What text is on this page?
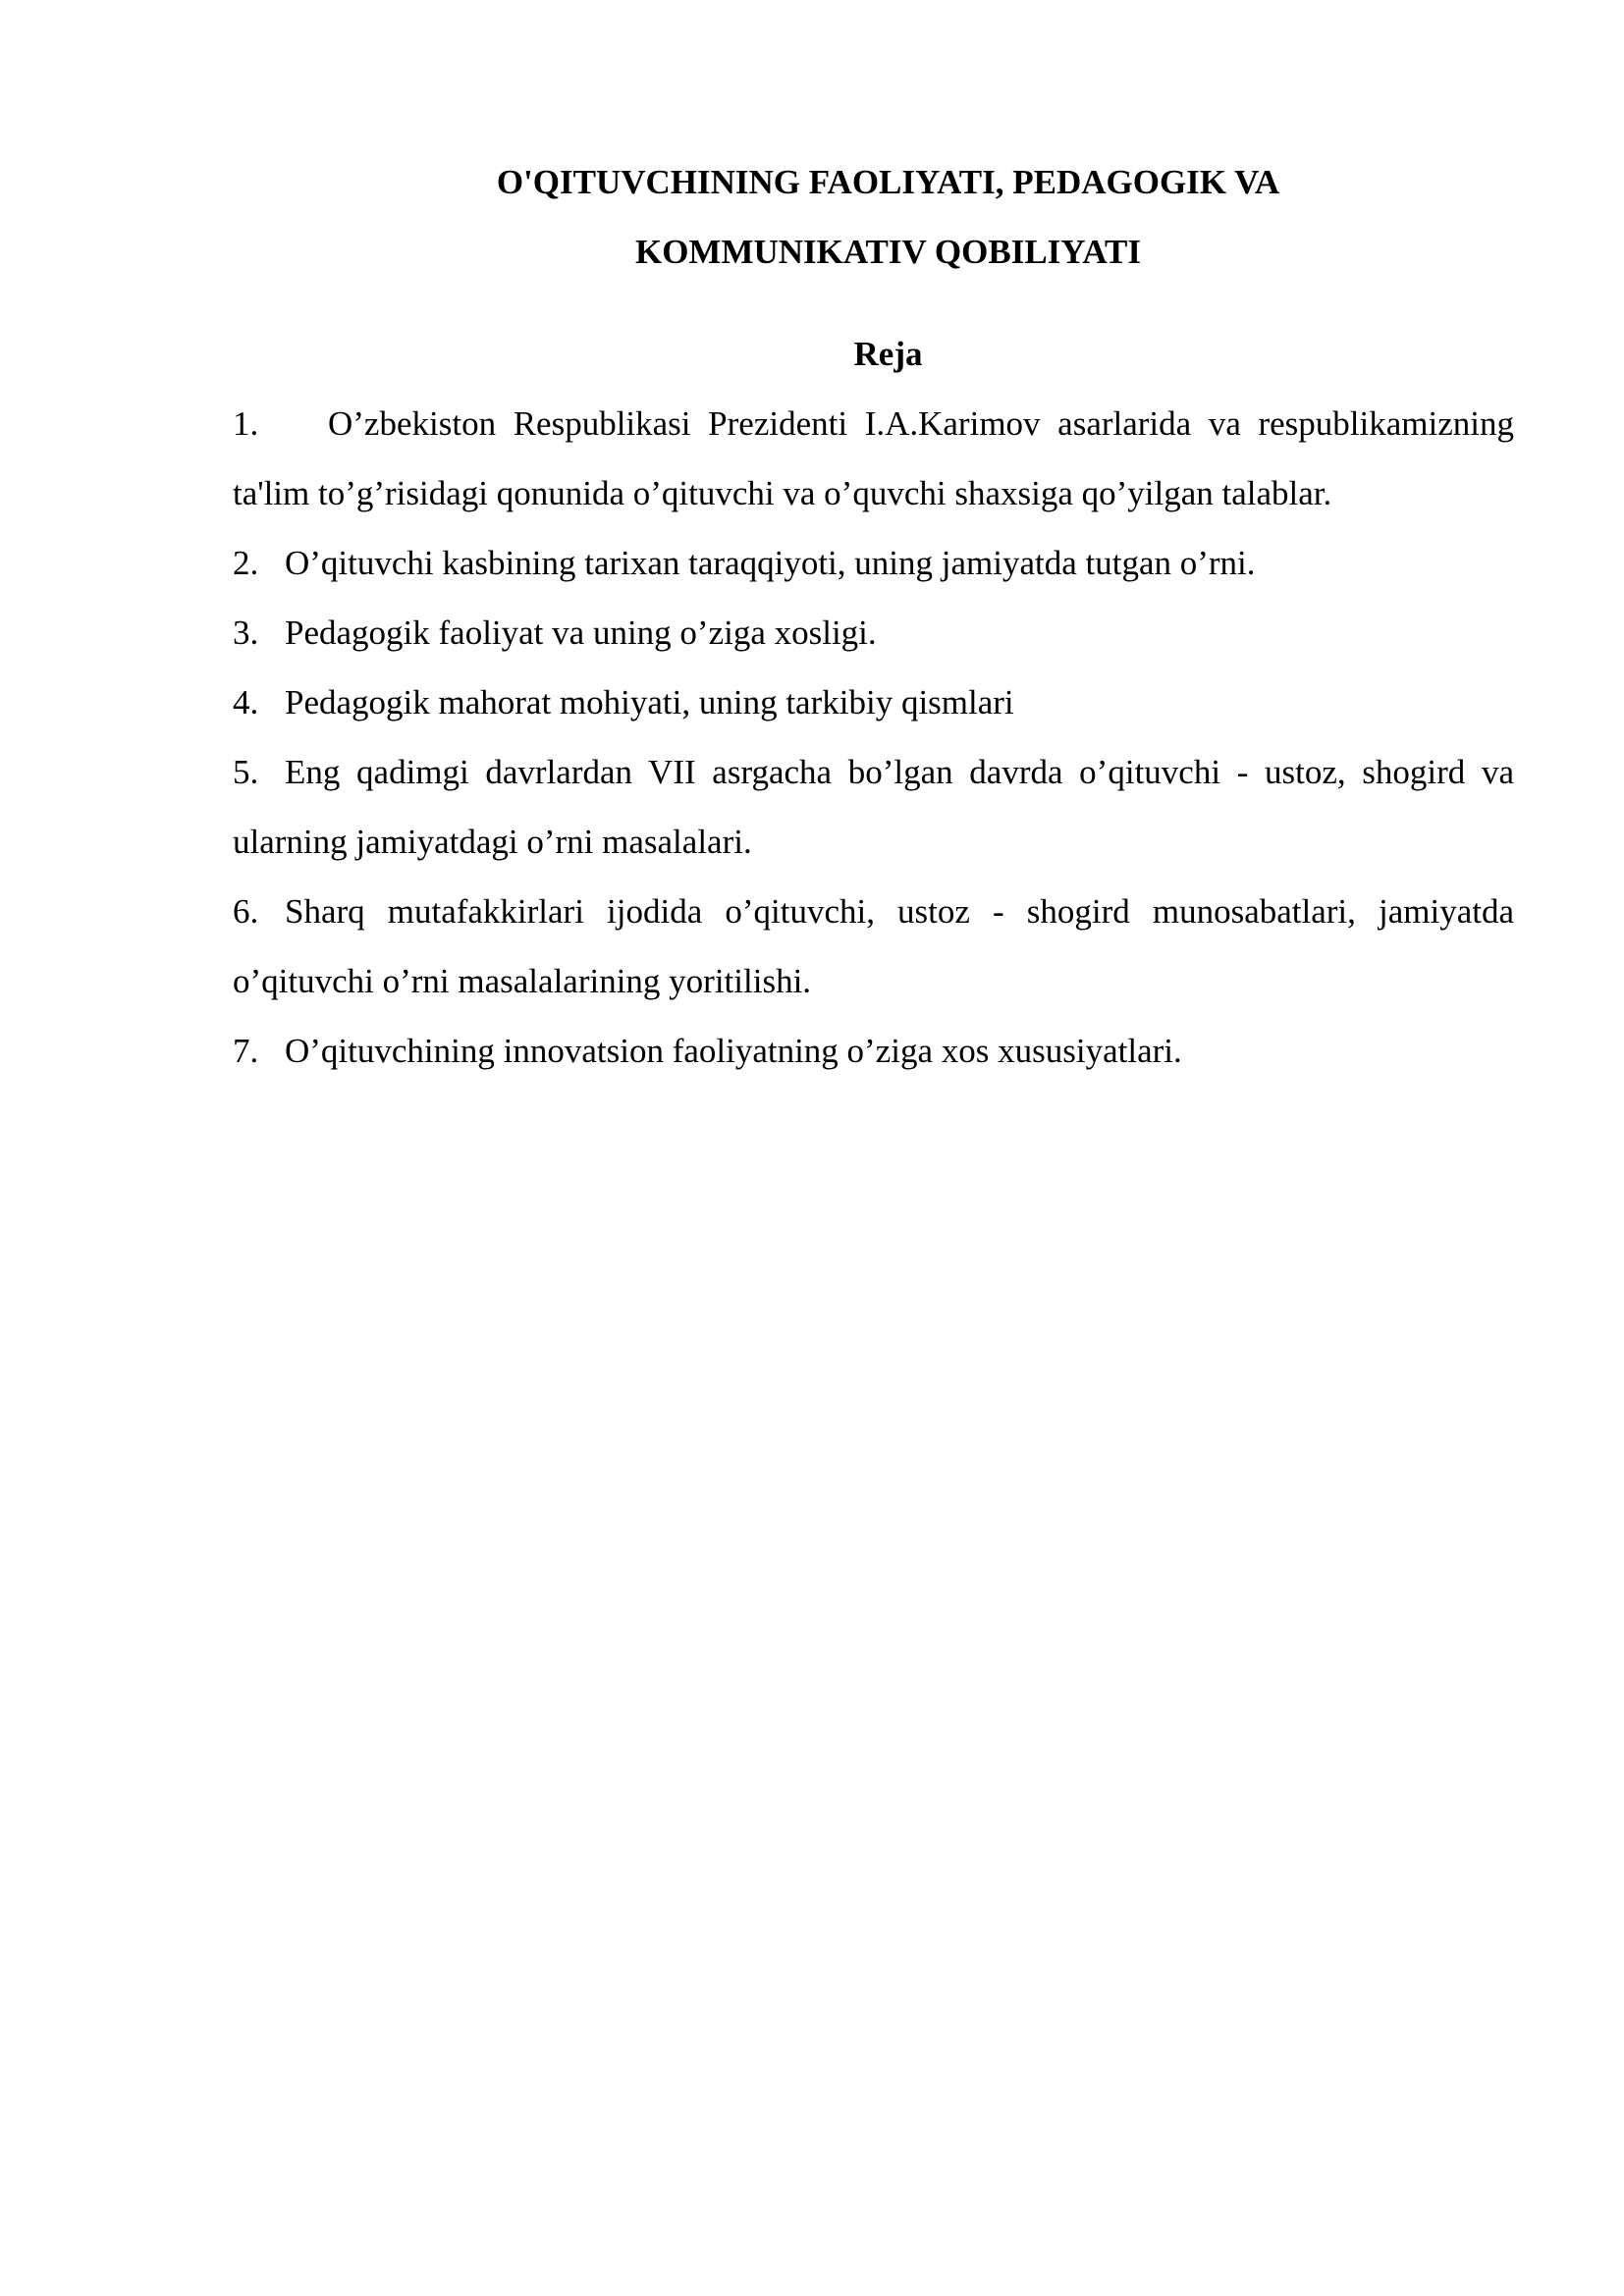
O'QITUVCHINING FAOLIYATI, PEDAGOGIK VA
KOMMUNIKATIV QOBILIYATI
Reja
1. O’zbekiston Respublikasi Prezidenti I.A.Karimov asarlarida va respublikamizning ta'lim to’g’risidagi qonunida o’qituvchi va o’quvchi shaxsiga qo’yilgan talablar.
2. O’qituvchi kasbining tarixan taraqqiyoti, uning jamiyatda tutgan o’rni.
3. Pedagogik faoliyat va uning o’ziga xosligi.
4. Pedagogik mahorat mohiyati, uning tarkibiy qismlari
5. Eng qadimgi davrlardan VII asrgacha bo’lgan davrda o’qituvchi - ustoz, shogird va ularning jamiyatdagi o’rni masalalari.
6. Sharq mutafakkirlari ijodida o’qituvchi, ustoz - shogird munosabatlari, jamiyatda o’qituvchi o’rni masalalarining yoritilishi.
7. O’qituvchining innovatsion faoliyatning o’ziga xos xususiyatlari.
